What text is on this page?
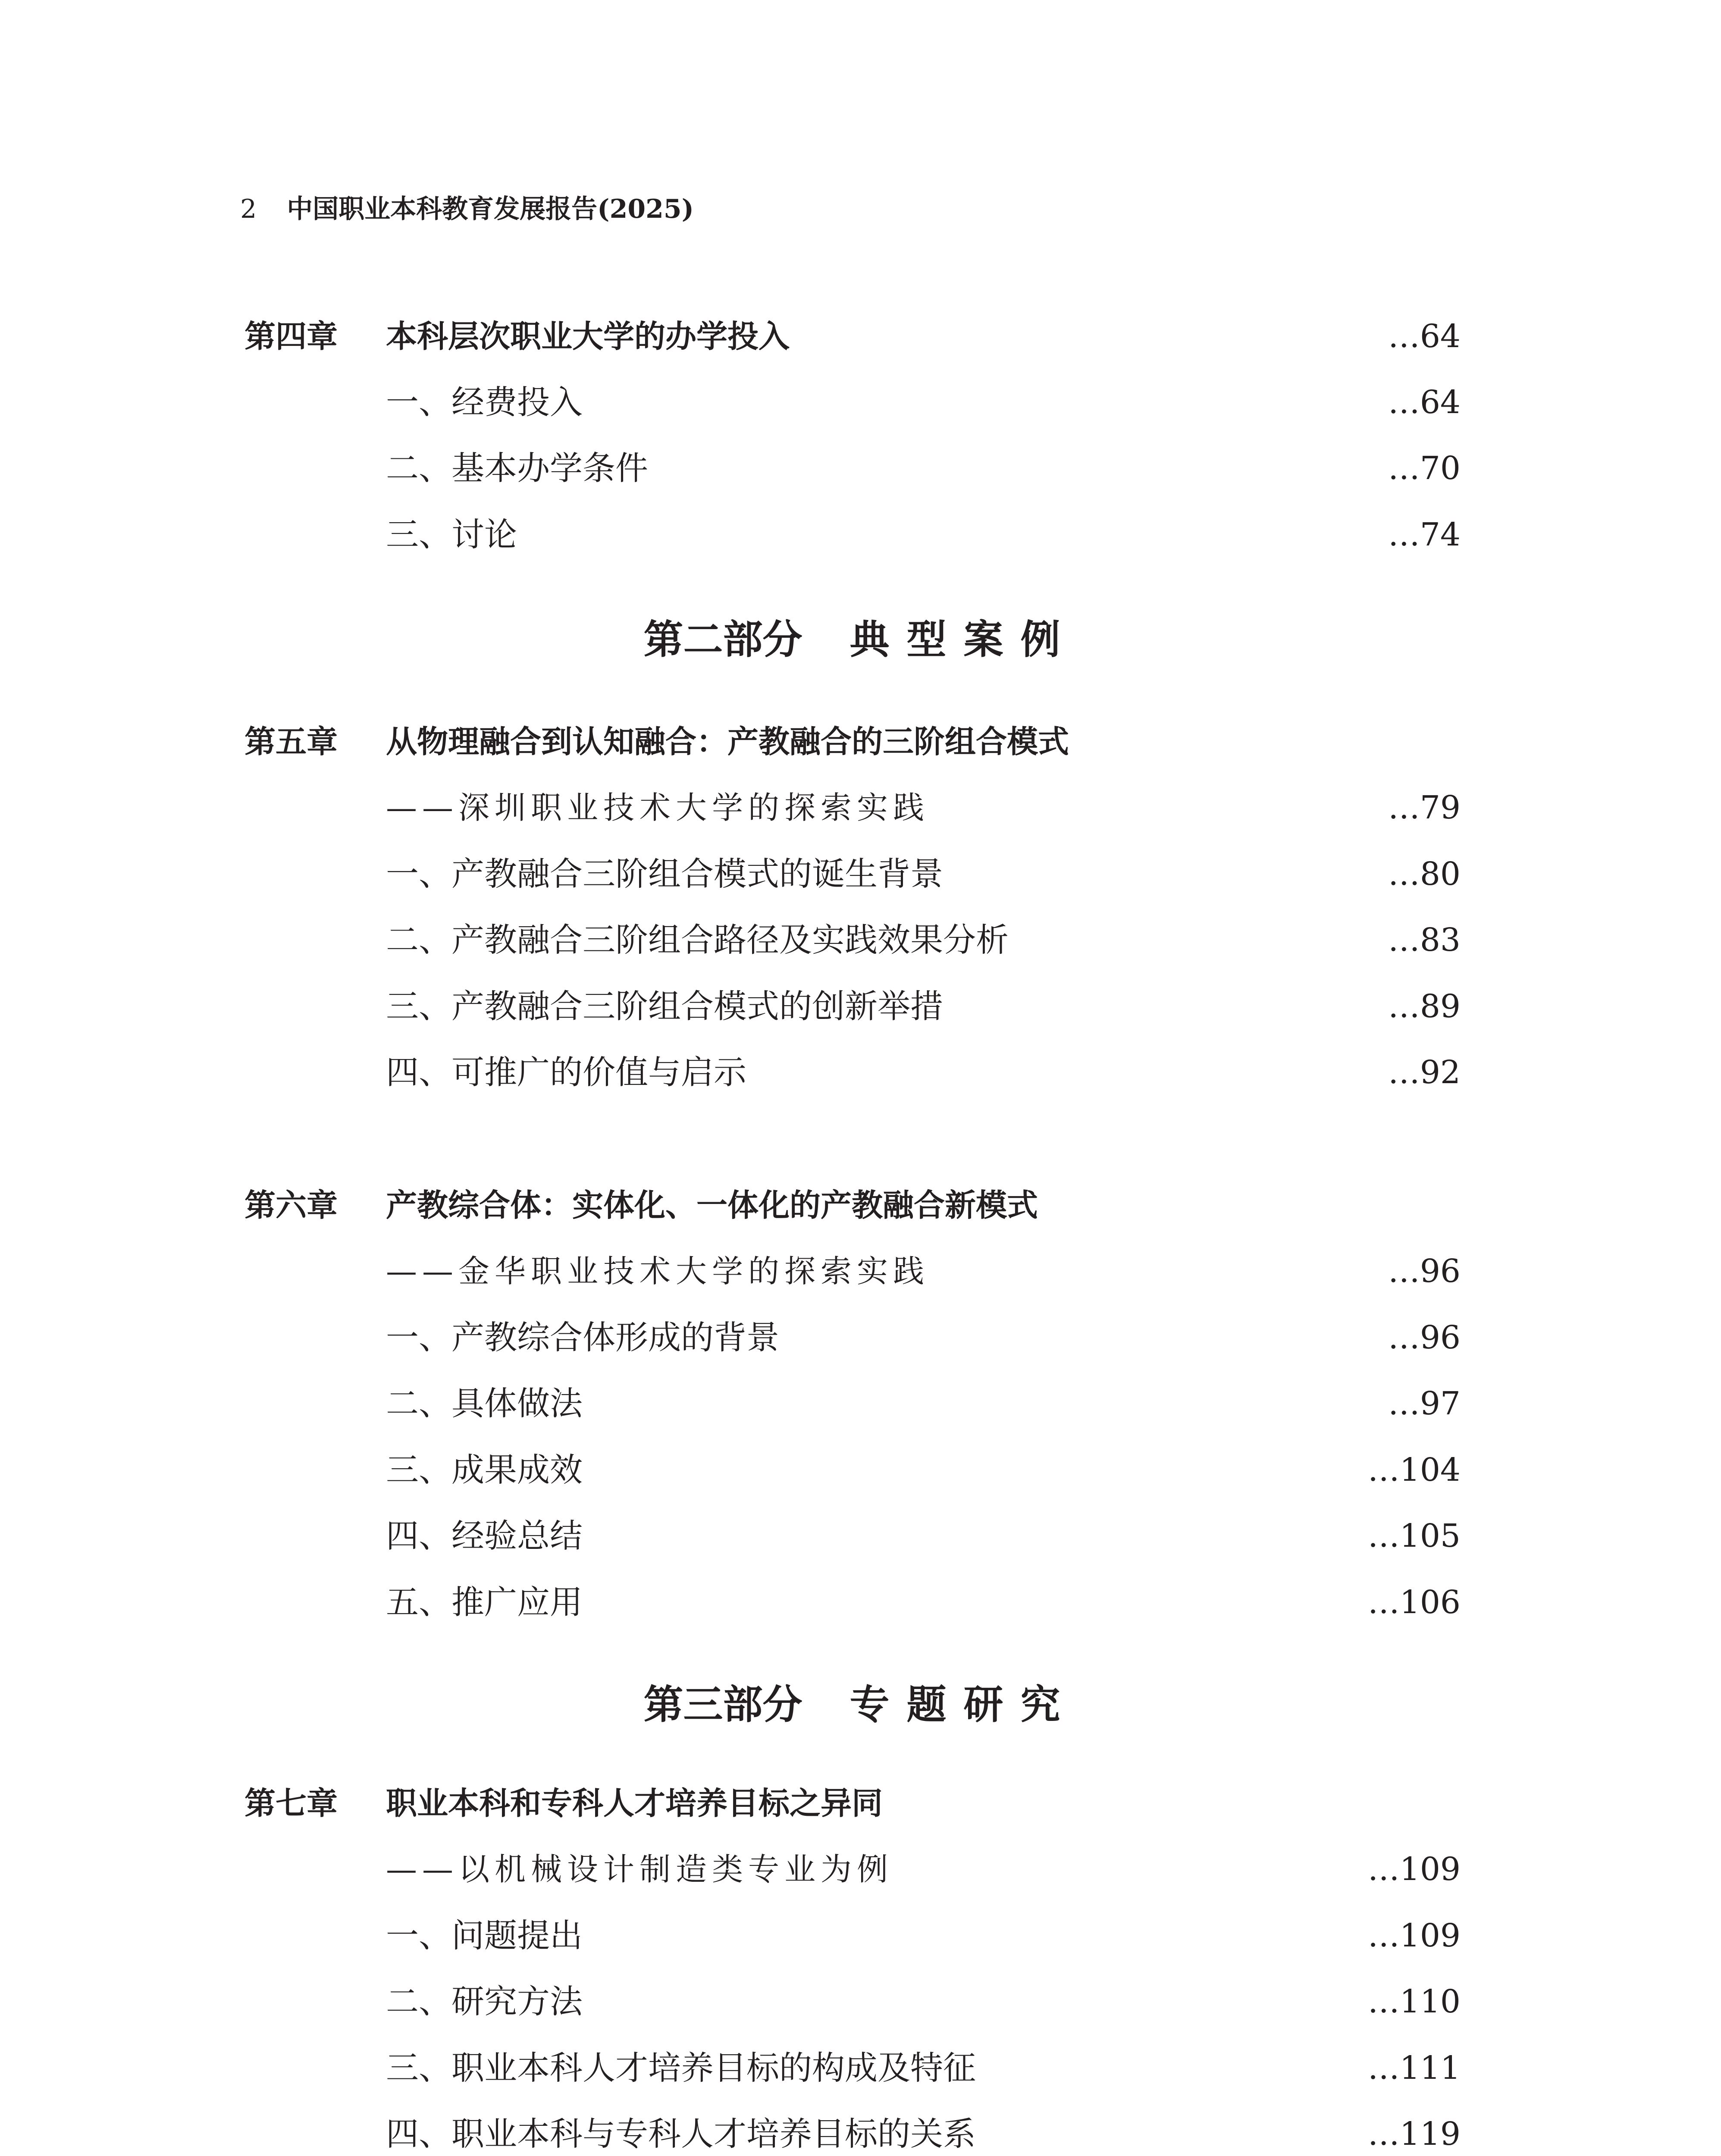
2 中国职业本科教育发展报告(2025)
第四章 本科层次职业大学的办学投入	…64
一、经费投入	…64
二、基本办学条件	…70
三、讨论	…74
第二部分 典型案例
第五章 从物理融合到认知融合：产教融合的三阶组合模式
——深圳职业技术大学的探索实践	…79
一、产教融合三阶组合模式的诞生背景	…80
二、产教融合三阶组合路径及实践效果分析	…83
三、产教融合三阶组合模式的创新举措	…89
四、可推广的价值与启示	…92
第六章 产教综合体：实体化、一体化的产教融合新模式
——金华职业技术大学的探索实践	…96
一、产教综合体形成的背景	…96
二、具体做法	…97
三、成果成效	…104
四、经验总结	…105
五、推广应用	…106
第三部分 专题研究
第七章 职业本科和专科人才培养目标之异同
——以机械设计制造类专业为例	…109
一、问题提出	…109
二、研究方法	…110
三、职业本科人才培养目标的构成及特征	…111
四、职业本科与专科人才培养目标的关系	…119
